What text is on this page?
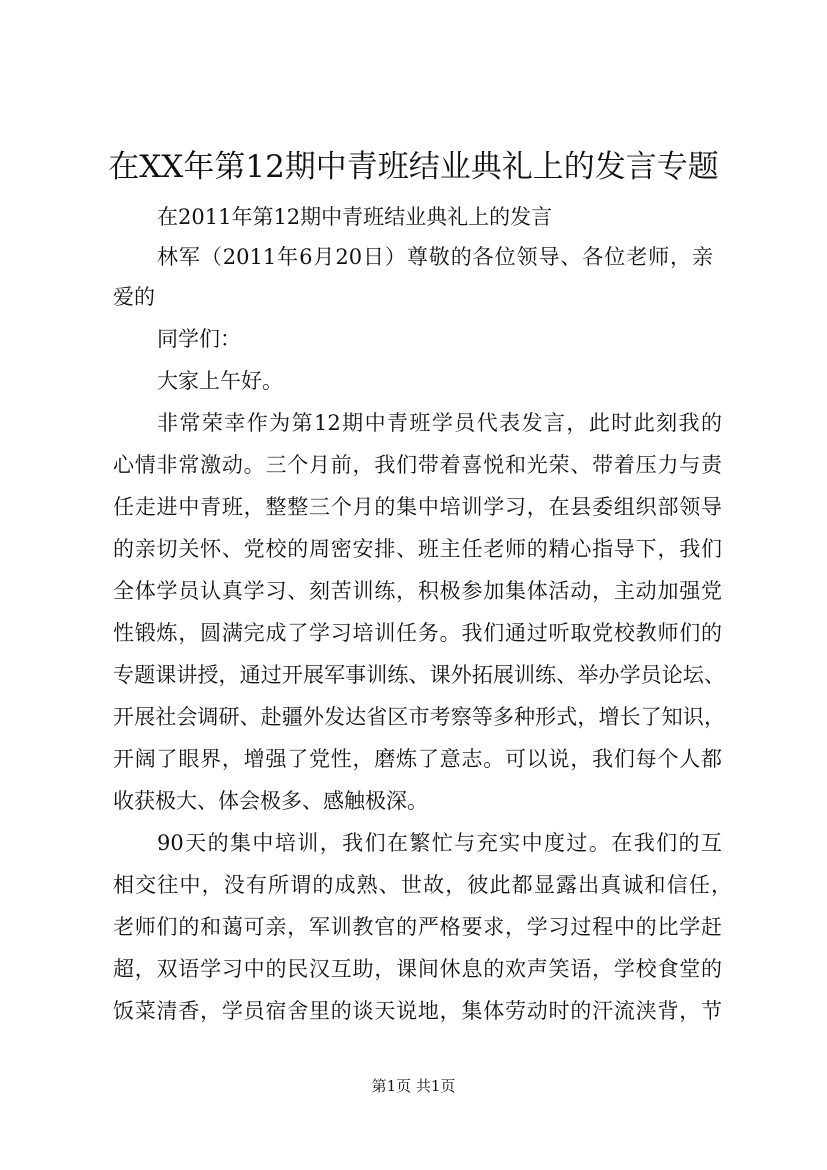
在XX年第12期中青班结业典礼上的发言专题
在2011年第12期中青班结业典礼上的发言
林军（2011年6月20日）尊敬的各位领导、各位老师，亲
爱的
同学们：
大家上午好。
非常荣幸作为第12期中青班学员代表发言，此时此刻我的
心情非常激动。三个月前，我们带着喜悦和光荣、带着压力与责
任走进中青班，整整三个月的集中培训学习，在县委组织部领导
的亲切关怀、党校的周密安排、班主任老师的精心指导下，我们
全体学员认真学习、刻苦训练，积极参加集体活动，主动加强党
性锻炼，圆满完成了学习培训任务。我们通过听取党校教师们的
专题课讲授，通过开展军事训练、课外拓展训练、举办学员论坛、
开展社会调研、赴疆外发达省区市考察等多种形式，增长了知识，
开阔了眼界，增强了党性，磨炼了意志。可以说，我们每个人都
收获极大、体会极多、感触极深。
90天的集中培训，我们在繁忙与充实中度过。在我们的互
相交往中，没有所谓的成熟、世故，彼此都显露出真诚和信任，
老师们的和蔼可亲，军训教官的严格要求，学习过程中的比学赶
超，双语学习中的民汉互助，课间休息的欢声笑语，学校食堂的
饭菜清香，学员宿舍里的谈天说地，集体劳动时的汗流浃背，节
第1页 共1页
